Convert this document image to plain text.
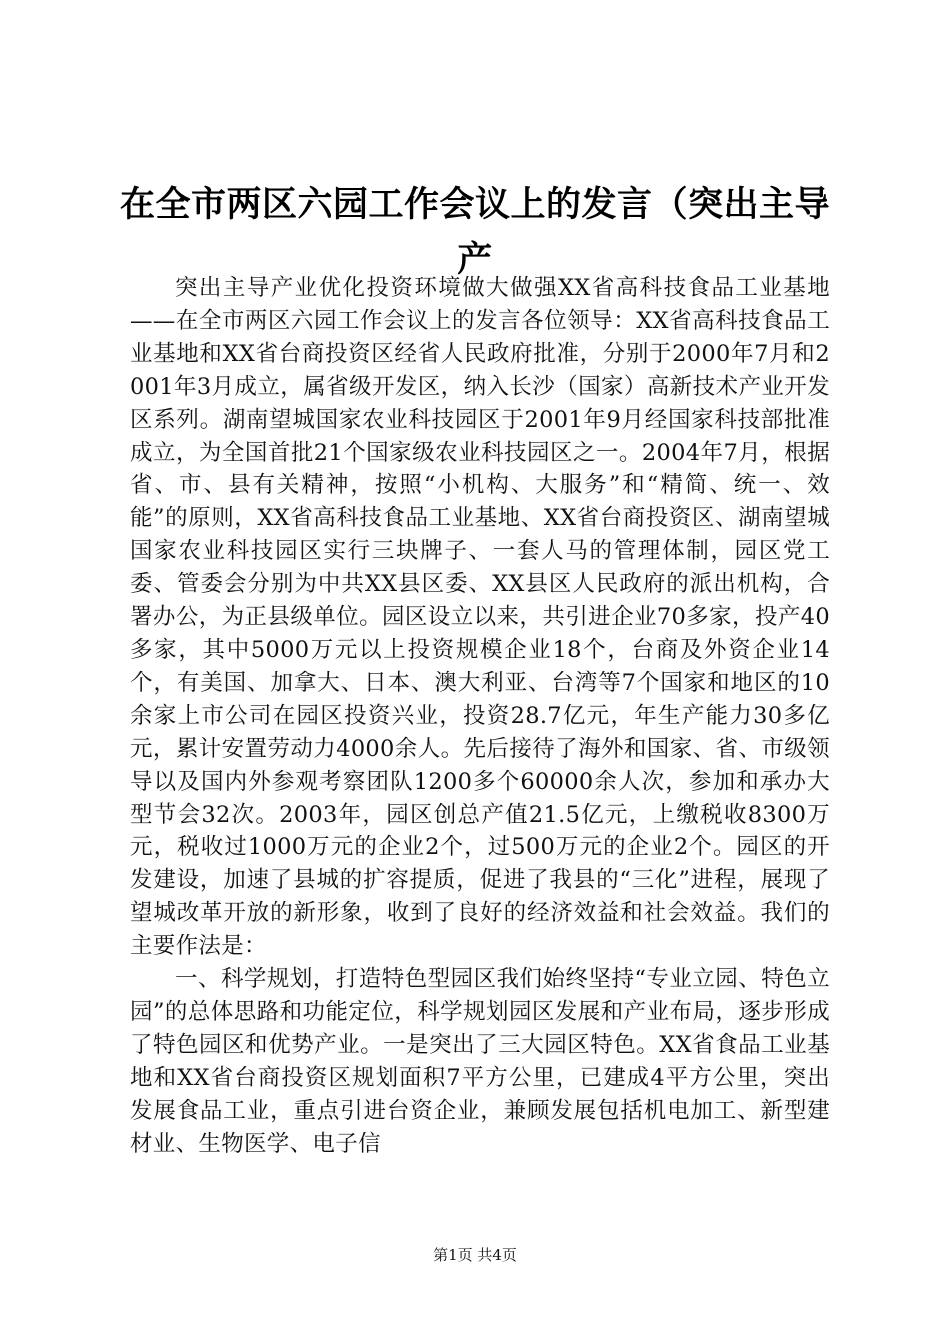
在全市两区六园工作会议上的发言（突出主导
产

突出主导产业优化投资环境做大做强XX省高科技食品工业基地——在全市两区六园工作会议上的发言各位领导：XX省高科技食品工业基地和XX省台商投资区经省人民政府批准，分别于2000年7月和2001年3月成立，属省级开发区，纳入长沙（国家）高新技术产业开发区系列。湖南望城国家农业科技园区于2001年9月经国家科技部批准成立，为全国首批21个国家级农业科技园区之一。2004年7月，根据省、市、县有关精神，按照“小机构、大服务”和“精简、统一、效能”的原则，XX省高科技食品工业基地、XX省台商投资区、湖南望城国家农业科技园区实行三块牌子、一套人马的管理体制，园区党工委、管委会分别为中共XX县区委、XX县区人民政府的派出机构，合署办公，为正县级单位。园区设立以来，共引进企业70多家，投产40多家，其中5000万元以上投资规模企业18个，台商及外资企业14个，有美国、加拿大、日本、澳大利亚、台湾等7个国家和地区的10余家上市公司在园区投资兴业，投资28.7亿元，年生产能力30多亿元，累计安置劳动力4000余人。先后接待了海外和国家、省、市级领导以及国内外参观考察团队1200多个60000余人次，参加和承办大型节会32次。2003年，园区创总产值21.5亿元，上缴税收8300万元，税收过1000万元的企业2个，过500万元的企业2个。园区的开发建设，加速了县城的扩容提质，促进了我县的“三化”进程，展现了望城改革开放的新形象，收到了良好的经济效益和社会效益。我们的主要作法是：

一、科学规划，打造特色型园区我们始终坚持“专业立园、特色立园”的总体思路和功能定位，科学规划园区发展和产业布局，逐步形成了特色园区和优势产业。一是突出了三大园区特色。XX省食品工业基地和XX省台商投资区规划面积7平方公里，已建成4平方公里，突出发展食品工业，重点引进台资企业，兼顾发展包括机电加工、新型建材业、生物医学、电子信

第1页 共4页
